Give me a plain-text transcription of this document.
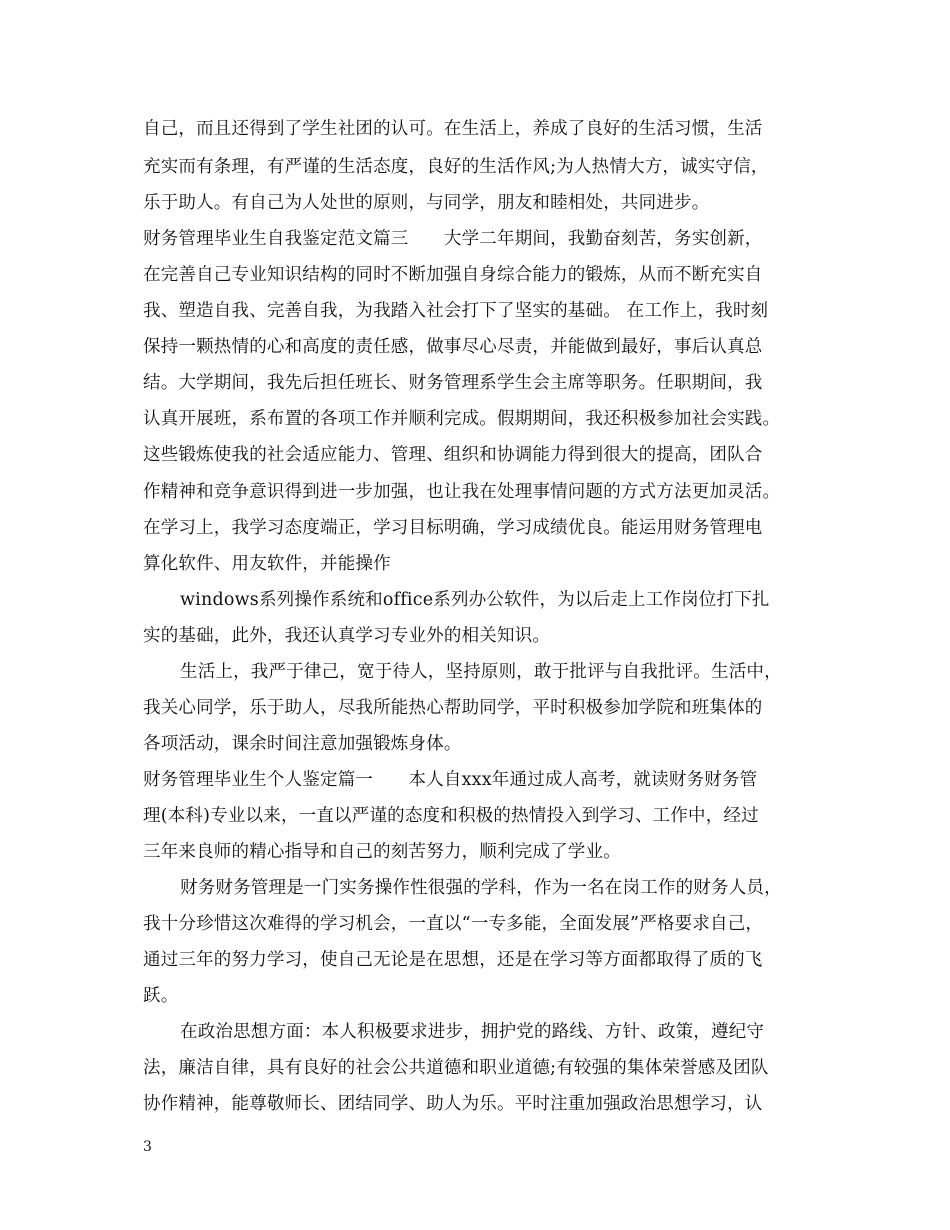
自己，而且还得到了学生社团的认可。在生活上，养成了良好的生活习惯，生活
充实而有条理，有严谨的生活态度，良好的生活作风;为人热情大方，诚实守信，
乐于助人。有自己为人处世的原则，与同学，朋友和睦相处，共同进步。
财务管理毕业生自我鉴定范文篇三　　大学二年期间，我勤奋刻苦，务实创新，
在完善自己专业知识结构的同时不断加强自身综合能力的锻炼，从而不断充实自
我、塑造自我、完善自我，为我踏入社会打下了坚实的基础。 在工作上，我时刻
保持一颗热情的心和高度的责任感，做事尽心尽责，并能做到最好，事后认真总
结。大学期间，我先后担任班长、财务管理系学生会主席等职务。任职期间，我
认真开展班，系布置的各项工作并顺利完成。假期期间，我还积极参加社会实践。
这些锻炼使我的社会适应能力、管理、组织和协调能力得到很大的提高，团队合
作精神和竞争意识得到进一步加强，也让我在处理事情问题的方式方法更加灵活。
在学习上，我学习态度端正，学习目标明确，学习成绩优良。能运用财务管理电
算化软件、用友软件，并能操作
windows系列操作系统和office系列办公软件，为以后走上工作岗位打下扎
实的基础，此外，我还认真学习专业外的相关知识。
生活上，我严于律己，宽于待人，坚持原则，敢于批评与自我批评。生活中，
我关心同学，乐于助人，尽我所能热心帮助同学，平时积极参加学院和班集体的
各项活动，课余时间注意加强锻炼身体。
财务管理毕业生个人鉴定篇一　　本人自xxx年通过成人高考，就读财务财务管
理(本科)专业以来，一直以严谨的态度和积极的热情投入到学习、工作中，经过
三年来良师的精心指导和自己的刻苦努力，顺利完成了学业。
财务财务管理是一门实务操作性很强的学科，作为一名在岗工作的财务人员，
我十分珍惜这次难得的学习机会，一直以“一专多能，全面发展”严格要求自己，
通过三年的努力学习，使自己无论是在思想，还是在学习等方面都取得了质的飞
跃。
在政治思想方面：本人积极要求进步，拥护党的路线、方针、政策，遵纪守
法，廉洁自律，具有良好的社会公共道德和职业道德;有较强的集体荣誉感及团队
协作精神，能尊敬师长、团结同学、助人为乐。平时注重加强政治思想学习，认
3
